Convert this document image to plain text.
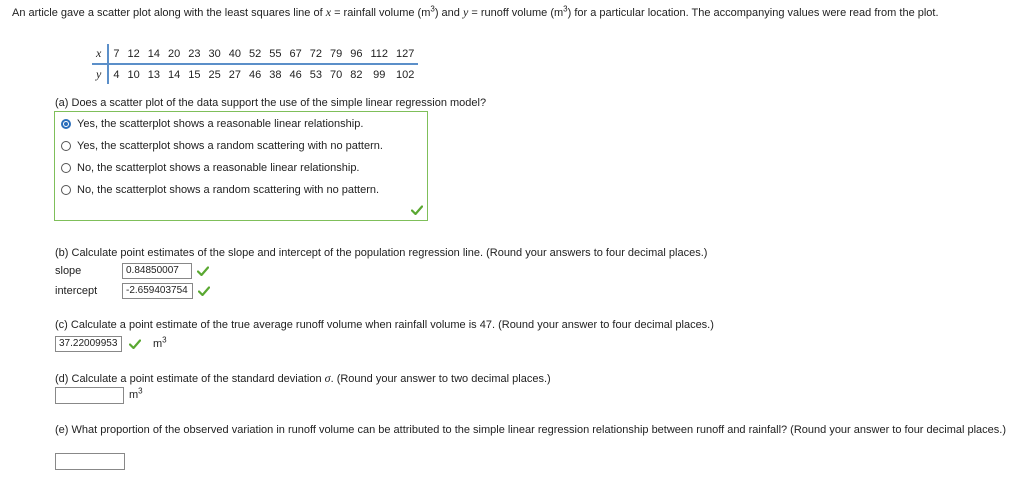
An article gave a scatter plot along with the least squares line of x = rainfall volume $(m^3)$ and y = runoff volume $(m^3)$ for a particular location. The accompanying values were read from the plot.
x	7	12	14	20	23	30	40	52	55	67	72	79	96	112	127
y	4	10	13	14	15	25	27	46	38	46	53	70	82	99	102
(a) Does a scatter plot of the data support the use of the simple linear regression model?
Yes, the scatterplot shows a reasonable linear relationship.
Yes, the scatterplot shows a random scattering with no pattern.
No, the scatterplot shows a reasonable linear relationship.
No, the scatterplot shows a random scattering with no pattern.
(b) Calculate point estimates of the slope and intercept of the population regression line. (Round your answers to four decimal places.)
slope	0.84850007
intercept	-2.659403754
(c) Calculate a point estimate of the true average runoff volume when rainfall volume is 47. (Round your answer to four decimal places.)
37.22009953	$m^3$
(d) Calculate a point estimate of the standard deviation σ. (Round your answer to two decimal places.)
$m^3$
(e) What proportion of the observed variation in runoff volume can be attributed to the simple linear regression relationship between runoff and rainfall? (Round your answer to four decimal places.)
